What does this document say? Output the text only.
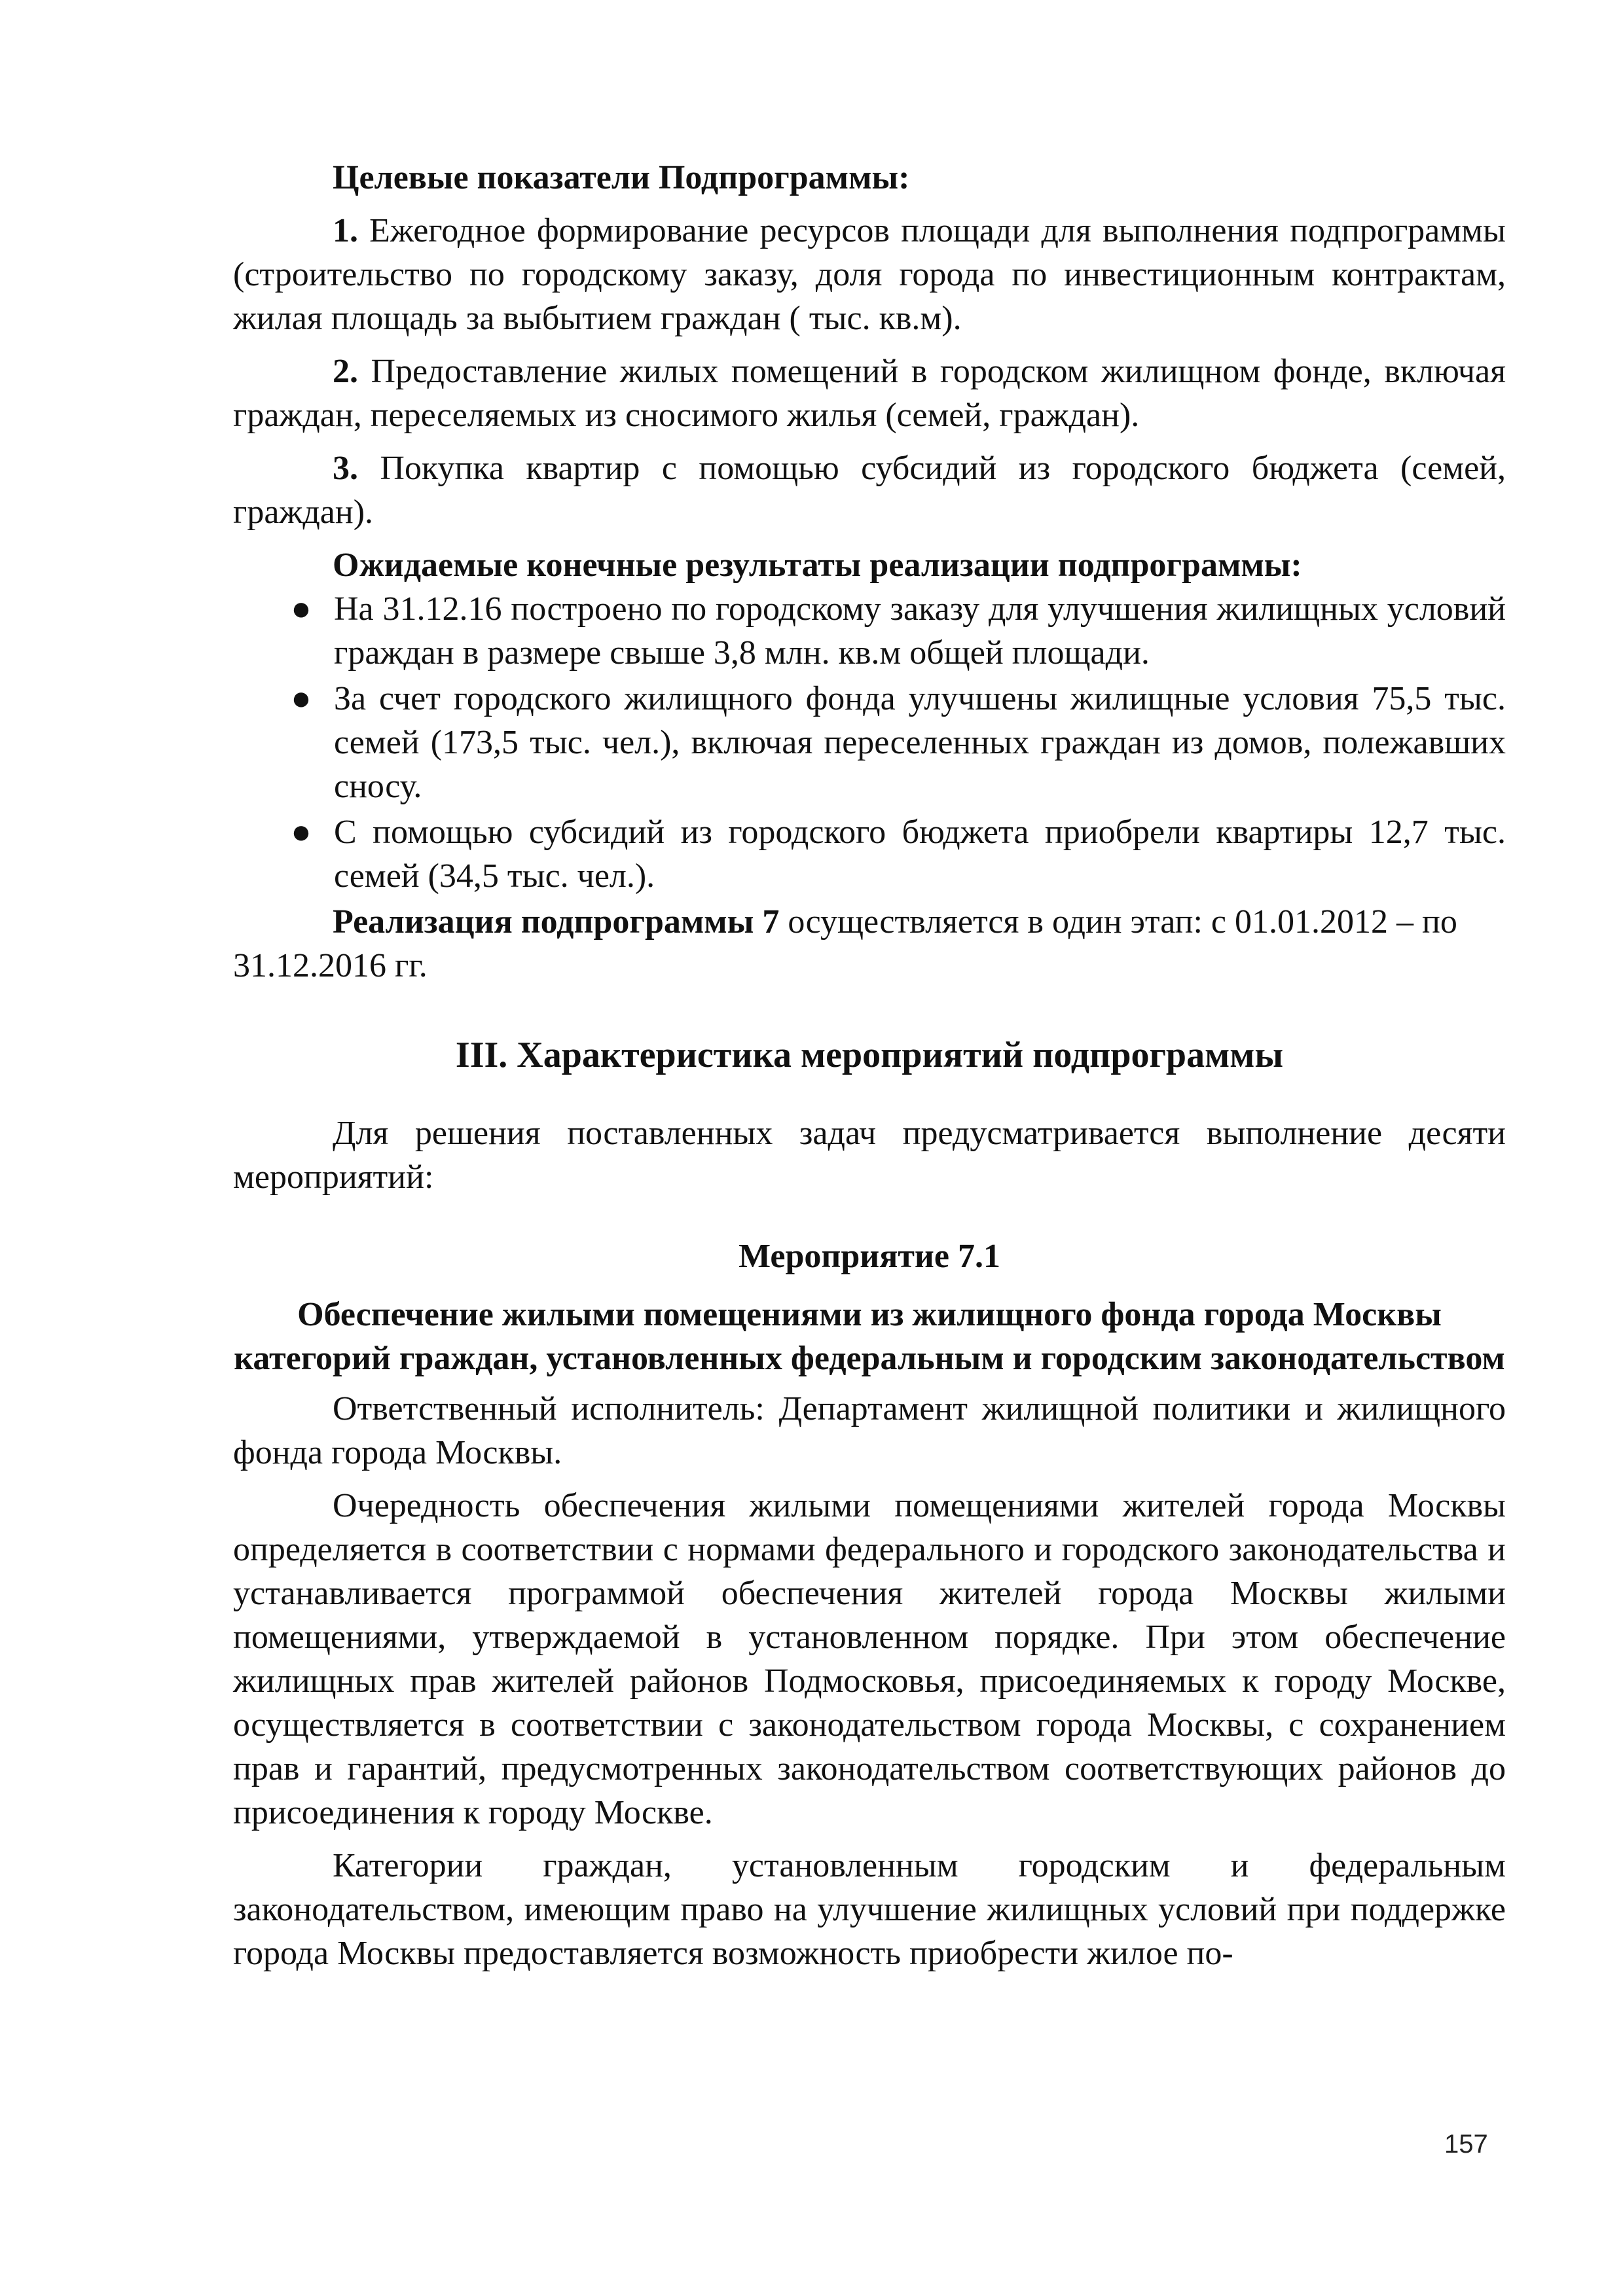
Целевые показатели Подпрограммы:

1. Ежегодное формирование ресурсов площади для выполнения подпрограммы (строительство по городскому заказу, доля города по инвестиционным контрактам, жилая площадь за выбытием граждан ( тыс. кв.м).

2. Предоставление жилых помещений в городском жилищном фонде, включая граждан, переселяемых из сносимого жилья (семей, граждан).

3. Покупка квартир с помощью субсидий из городского бюджета (семей, граждан).

Ожидаемые конечные результаты реализации подпрограммы:

● На 31.12.16 построено по городскому заказу для улучшения жилищных условий граждан в размере свыше 3,8 млн. кв.м общей площади.
● За счет городского жилищного фонда улучшены жилищные условия 75,5 тыс. семей (173,5 тыс. чел.), включая переселенных граждан из домов, полежавших сносу.
● С помощью субсидий из городского бюджета приобрели квартиры 12,7 тыс. семей (34,5 тыс. чел.).

Реализация подпрограммы 7 осуществляется в один этап: с 01.01.2012 – по 31.12.2016 гг.

III. Характеристика мероприятий подпрограммы

Для решения поставленных задач предусматривается выполнение десяти мероприятий:

Мероприятие 7.1
Обеспечение жилыми помещениями из жилищного фонда города Москвы категорий граждан, установленных федеральным и городским законодательством

Ответственный исполнитель: Департамент жилищной политики и жилищного фонда города Москвы.

Очередность обеспечения жилыми помещениями жителей города Москвы определяется в соответствии с нормами федерального и городского законодательства и устанавливается программой обеспечения жителей города Москвы жилыми помещениями, утверждаемой в установленном порядке. При этом обеспечение жилищных прав жителей районов Подмосковья, присоединяемых к городу Москве, осуществляется в соответствии с законодательством города Москвы, с сохранением прав и гарантий, предусмотренных законодательством соответствующих районов до присоединения к городу Москве.

Категории граждан, установленным городским и федеральным законодательством, имеющим право на улучшение жилищных условий при поддержке города Москвы предоставляется возможность приобрести жилое по-

157
